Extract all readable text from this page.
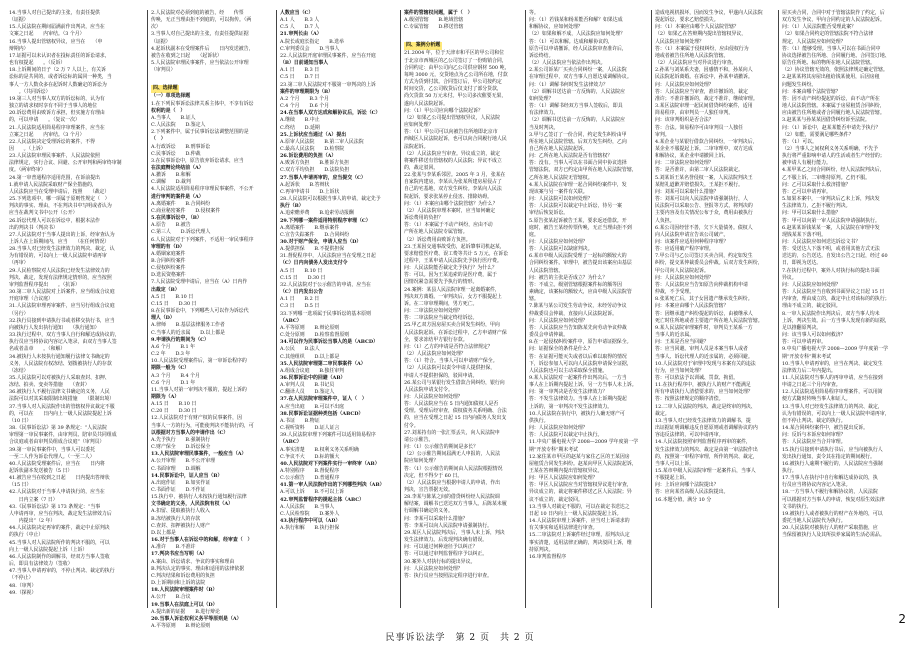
14.当事人对自己提出的主张，有责任提供
（证据）
15.人民法院在期间届满前作出判决，应当在
文案之日起　　内审结。（3 个月）
16.当事人提出管辖权异议，应当在　　（申
辩期内）
17.证据可以未认识者在投标责任的诉讼请求，
也有权提起　　。（反诉）
18.上诉期间的日子（2 万 7 人以上，有关诉
讼标的是共同的，或者诉讼标的属同一种类，当
事人一方人数众多在起诉时人数确定的诉讼为
　　。（共同诉讼）
19.第三人对当事人双方的诉讼标的，认为有
独立的请求权时享有不同于当事人的地位
20.诉讼费用由败诉方承担，但实施方有理由
的，可以申请　　。（复议一次）
21.人民法院适用简易程序审理案件，应当在
立案之日起　　内审结。（3 个月）
22.人民法院决定受理诉讼的案件，不得
因　　。（上诉）
23.人民法院审理民事案件，人民法院依照
法律规定，实行合议、回避、公开审判和两审终审制
度。（两审终审）
24.第一审普通程序适用范围，在诉前提出
1.就申请人民法院采取财产保全措施的，
人民法院应当在受理申请后，按照　　（裁定）
25.下列选项中，哪一项属于原则性规定（　）
判决的事实、理由，不在判决书中写明或者认为
应当在裁判文书中公开（公开）
26.诉讼代理人可以在诉讼中，根据本法作
出的判决书（判决书）
27.人民法院对于当事人提出的上诉，经审查认为
上诉人在上诉期间内，应当　　（在任何情况）
28.当事人对已经发生法律效力的判决、裁定，认
为有错误的，可以向上一级人民法院申请再审
（再审）
29.人民检察院对人民法院已经发生法律效力的
判决、裁定，发现有法律规定情形的，应当按照
审判监督程序提出　　。（抗诉）
30.第二审人民法院对上诉案件，应当组成合议庭
开庭审理（合议庭）
31.人民法院审理再审案件，应当另行组成合议庭
（另行）
32.执行员接到申请执行书或者移交执行书，应当
向被执行人发出执行通知　　（执行通知）
33.执行过程中，双方当事人自行和解达成协议的，
执行员应当将协议内容记入笔录，由双方当事人签
名或者盖章　　。（和解）
34.被执行人未按执行通知履行法律文书确定的
义务，人民法院有权冻结、划拨被执行人的存款
（冻结）
35.人民法院可以对被执行人采取查封、扣押、
冻结、拍卖、变卖等措施　　（查封）
36.被执行人不履行法律文书确定的义务，人民
法院可以对其采取限制出境措施　　（限制出境）
37.当事人对人民法院作出的管辖权异议裁定不服
的，可以在　　日内向上一级人民法院提起上诉
（10 日）
38.《民事诉讼法》第 39 条规定：“人民法院
审理第一审民事案件，由审判员、陪审员共同组成
合议庭或者由审判员组成合议庭”（审判员）
39.第一审民事案件中，当事人可以委托
一至二人作为诉讼代理人。（一至二人）
40.人民法院受理案件后，应当在　　日内将
起诉状副本发送被告（5 日）
41.被告应当在收到之日起　　日内提出答辩状
（15 日）
42.人民法院对于当事人申请执行的，应当在
　　日内立案（7 日）
43.《民事诉讼法》第 173 条规定：“当事
人申请再审，应当在判决、裁定发生法律效力后
　　内提出”（2 年）
44.人民法院决定再审的案件，裁定中止原判决
的执行（中止）
45.当事人对人民法院所作的判决不服的，可以
向上一级人民法院提起上诉（上诉）
46.人民法院制作的调解书，经双方当事人签收
后，即具有法律效力（签收）
47.当事人申请再审的，不停止判决、裁定的执行
（不停止）
48.（审判）
49.（探视）
2.人民法院对必须到庭的被告，经　　传票
传唤，无正当理由拒不到庭的，可以拘传。（两
次）
3.当事人对自己提出的主张，有责任提供证据
（证据）
4.起诉状副本在受理案件后　　日内发送被告，
被告在收到之日起　　（起诉状）
5.人民法院审理民事案件，应当依法公开审理
（审判员）
四、选择题

（一）单项选择题
1.在下列民事诉讼法律关系主体中，不享有诉讼
权利的是（　）
A.当事人　　B.证人
C.人民法院　　D.鉴定人
2.下列案件中，属于民事诉讼法调整范围的是
（　）
A.行政诉讼　　B.刑事诉讼
C.民事诉讼　　D.仲裁
3.在民事诉讼中，原告放弃诉讼请求，应当
在法庭辩论终结前（A）
A.撤诉　　B.和解
C.调解　　D.裁判
4.人民法院适用简易程序审理民事案件，不公开
进行审判的案件是（A）
A.离婚案件　　B.合同纠纷
C.商业秘密案件　　D.侵权案件
5.在民事诉讼中，（B）
A.原告　　B.被告
C.第三人　　D.诉讼代理人
6.人民法院对于下列案件，不适用一审民事程序
审理的有（D）
A.婚姻家庭案件
B.合同纠纷案件
C.侵权纠纷案件
D.选民资格案件
7.人民法院受理申请后，应当在（A）日内作
出裁定（B）
A.5 日　　B.10 日
C.15 日　　D.30 日
8.在民事诉讼中，下列哪些人可以作为诉讼代
理人（D）
A.律师　　B.基层法律服务工作者
C.当事人的近亲属　　D.以上都是
9.申请执行的期间为（C）
A.6 个月　　B.1 年
C.2 年　　D.3 年
10.人民法院受理案件后，第一审诉讼程序的
期限一般为（C）
A.3 个月　　B.4 个月
C.6 个月　　D.1 年
11.当事人对第一审判决不服的，提起上诉的
期限为（A）
A.15 日　　B.10 日
C.20 日　　D.30 日
12.人民法院对于有财产权的民事案件，因
当事人一方的行为，可能使判决不能执行的，可
以根据对方当事人的申请作出（C）
A.先予执行　　B.强制执行
C.财产保全　　D.诉讼保全
13.人民法院审理民事案件，一般应当（A）
A.公开审理　　B.不公开审理
C.书面审理　　D.调解
14.民事诉讼中，证人应当（B）
A.出庭作证　　B.如实作证
C.书面作证　　D.不作证
15.执行中，被执行人未按执行通知履行法律
文书确定的义务，人民法院有权（A）
A.扣留、提取被执行人收入
B.冻结被执行人的存款
C.查封、扣押被执行人财产
D.以上都是
16.对于当事人在诉讼中的和解，经审查（　）
A.准许　　B.不准许
17.判决书应当写明（A）
A.案由、诉讼请求、争议的事实和理由
B.判决认定的事实、理由和适用的法律依据
C.判决结果和诉讼费用的负担
D.上诉期间和上诉的法院
18.人民法院审理案件时（B）
A.公开　　B.合议
19.当事人在法庭上可以（D）
A.提出新的证据　　B.进行辩论
20.当事人诉讼权利义务平等原则是（A）
A.平等原则　　B.辩论原则
人数应当（C）
A.1 人　　B.3 人
C.5 人　　D.7 人
21.审判长由（A）
A.院长或庭长指定　　B.选举
C.审判委员会　　D.当事人
22.人民法院开庭审理民事案件，应当在开庭
（B）日前通知当事人
A.1 日　　B.3 日
C.5 日　　D.7 日
23.第二审人民法院对不服第一审判决的上诉
案件的审理期限为（B）
A.2 个月　　B.3 个月
C.4 个月　　D.6 个月
24.在当事人双方达成和解协议后，诉讼（C）
A.继续　　B.中止
C.终结　　D.延期
25.上诉状应当通过（A）提出
A.原审人民法院　　B.第二审人民法院
C.最高人民法院　　D.检察院
26.诉讼费用的负担（A）
A.败诉方负担　　B.胜诉方负担
C.双方平均负担　　D.法院负担
27.当事人申请再审的，应当提交（C）
A.起诉状　　B.答辩状
C.再审申请书　　D.上诉状
28.人民法院可以根据当事人的申请，裁定先予
执行（B）
A.追索赡养费　　B.追索劳动报酬
29.下列哪一案件适用特别程序审理（C）
A.离婚案件　　B.继承案件
C.宣告失踪案件　　D.合同纠纷
30.对于财产保全，申请人应当（D）
A.提供担保　　B.不提供担保
31.督促程序中，人民法院应当在受理之日起
（C）日内向债务人发出支付令
A.5 日　　B.10 日
C.15 日　　D.30 日
32.人民法院对于公示催告的申请，应当在
（C）日内发出公告
A.1 日　　B.2 日
C.3 日　　D.5 日
33.下列哪一选项属于民事诉讼的基本原则
（ABC）
A.平等原则　　B.辩论原则
C.处分原则　　D.检察监督原则
34.可以作为民事诉讼当事人的是（ABCD）
A.公民　　B.法人
C.其他组织　　D.以上都是
35.人民法院审理第二审民事案件（A）
A.组成合议庭　　B.独任审判
36.民事诉讼中的回避（AB）
A.审判人员　　B.书记员
C.翻译人员　　D.鉴定人
37.在人民法院审理案件中，证人（　）
A.应当出庭　　B.可以不出庭
38.民事诉讼证据种类包括（ABCD）
A.书证　　B.物证
C.视听资料　　D.证人证言
39.人民法院审理下列案件可以适用简易程序
（ABC）
A.事实清楚　　B.权利义务关系明确
C.争议不大　　D.标的额大
40.人民法院对下列案件实行一审终审（AB）
A.特别程序　　B.督促程序
C.公示催告　　D.普通程序
41.第一审人民法院作出的下列哪些判决（AB）
A.可以上诉　　B.不可以上诉
42.审判监督程序的提起主体（ABC）
A.人民法院　　B.当事人
C.人民检察院　　D.案外人
43.执行程序中可以（AB）
A.执行和解　　B.执行担保
案件的管辖权问题，属于（　）
A.级别管辖　　B.地域管辖
C.专属管辖　　D.移送管辖
四、案例分析题

21.2004 年，位于天津市和平区的甲公司和位
于北京市西城区的乙公司签订了一份购销合同，
合同约定：由甲公司向乙公司供应钢材 500 吨，
每吨 3000 元，交货地点为乙公司所在地，付款
方式为货到付款。合同签订后，甲公司按约定
时间交货，乙公司收货后仅支付了部分货款，
尚欠货款 50 万元未付。甲公司多次催要无果，
遂向人民法院起诉。
问：（1）甲公司应向哪个法院起诉？
（2）如果乙公司提出管辖权异议，人民法院
应如何处理？
答：（1）甲公司可以向被告住所地即北京市
西城区人民法院起诉，也可以向合同履行地人民
法院起诉。
（2）人民法院应当审查。异议成立的，裁定
将案件移送有管辖权的人民法院；异议不成立
的，裁定驳回。
22.张某与李某系邻居。2005 年 3 月，张某在
自家院内建房，李某认为张某所建房屋侵占了
自己的宅基地，双方发生纠纷。李某向人民法
院起诉，要求张某停止侵害、排除妨碍。
问：（1）本案应由哪个法院管辖？为什么？
（2）人民法院审理本案时，应当如何确定
诉讼费用的负担？
答：（1）本案属于不动产纠纷，应由不动
产所在地人民法院专属管辖。
（2）诉讼费用由败诉方负担。
23.王某因交通事故受伤，起诉肇事司机赵某，
要求赔偿医疗费、误工费等共计 5 万元。在诉讼
过程中，王某申请人民法院先予执行医疗费。
问：人民法院能否裁定先予执行？为什么？
答：可以。因为王某追索的是医疗费，属于
因情况紧急需要先予执行的情形。
24.案例：某县人民法院审理一起离婚案件，
判决双方离婚。一审判决后，女方不服提起上
诉。在二审审理期间，男方死亡。
问：二审法院应如何处理？
答：二审法院应当裁定终结诉讼。
25.甲乙双方因房屋买卖合同发生纠纷，甲向
人民法院起诉。在诉讼过程中，乙方申请财产保
全，要求冻结甲方银行存款。
问：（1）乙方的申请是否符合法律规定？
（2）人民法院应如何处理？
答：（1）符合。当事人可以申请财产保全。
（2）人民法院可以责令申请人提供担保，
申请人不提供担保的，驳回申请。
26.某公司与某银行发生借款合同纠纷，银行向
人民法院申请支付令。
问：人民法院应如何处理？
答：人民法院应当在 5 日内通知债权人是否
受理。受理后经审查，债权债务关系明确、合法
的，应当在受理之日起 15 日内向债务人发出支
付令。
27.刘某持有的一张汇票丢失，向人民法院申
请公示催告。
问：（1）公示催告的期间是多长？
（2）公示催告期间届满无人申报的，人民法
院应如何处理？
答：（1）公示催告的期间由人民法院根据情况
决定，但不得少于 60 日。
（2）人民法院应当根据申请人的申请，作出
判决，宣告票据无效。
28.李某与陈某之间的借贷纠纷经人民法院调
解结案，调解书已送达双方当事人。后陈某未履
行调解书确定的义务。
问：李某可以采取什么措施？
答：李某可以向人民法院申请强制执行。
29.某区人民法院判决后，当事人未上诉，判决
发生法律效力。后发现判决确有错误。
问：可以通过何种途径予以纠正？
答：可以通过审判监督程序予以纠正。
30.案外人对执行标的提出异议。
问：人民法院应如何处理？
答：执行员应当按照法定程序进行审查。
等。
问：（1）若钱某和杨某能否和解？如果达成
和解协议，应如何处理？
（2）如果和解不成，人民法院应如何处理？
答：（1）可以和解。达成和解协议的，
原告可以申请撤诉，经人民法院审查准许后，
诉讼终结。
（2）人民法院应当依法作出判决。
2.某公司诉某厂买卖合同纠纷一案，人民法院
在审理过程中，双方当事人自愿达成调解协议。
问：（1）调解书何时发生法律效力？
（2）调解书送达前一方反悔的，人民法院应
如何处理？
答：（1）调解书经双方当事人签收后，即具
有法律效力。
（2）调解书送达前一方反悔的，人民法院应
当及时判决。
3.甲与乙签订了一份合同，约定发生纠纷由甲
所在地人民法院管辖。后双方发生纠纷，乙向
自己所在地人民法院起诉。
问：乙所在地人民法院是否有管辖权？
答：没有。当事人可以在书面合同中协议选择
管辖法院，双方已约定由甲所在地人民法院管辖，
乙所在地人民法院无管辖权。
4.某人民法院在审理一起合同纠纷案件中，发
现该案与另一案件有关联。
问：人民法院可以如何处理？
答：人民法院可以裁定中止诉讼，待另一案
审结后恢复诉讼。
5.原告张某起诉被告王某，要求返还借款。开
庭时，被告王某经传票传唤，无正当理由拒不到
庭。
问：人民法院应如何处理？
答：人民法院可以缺席判决。
6.某市中级人民法院受理了一起标的额较大的
合同纠纷案件。审理中，被告提出该案应由基层
人民法院管辖。
问：被告的主张是否成立？为什么？
答：不成立。级别管辖根据案件标的额等因
素确定，该案标的额较大，应由中级人民法院管
辖。
7.陈某与某公司发生劳动争议，未经劳动争议
仲裁委员会仲裁，直接向人民法院起诉。
问：人民法院应如何处理？
答：人民法院应当告知陈某先向劳动争议仲裁
委员会申请仲裁。
8.在一起侵权纠纷案件中，原告申请证据保全。
问：证据保全的条件是什么？
答：在证据可能灭失或者以后难以取得的情况
下，诉讼参加人可以向人民法院申请保全证据，
人民法院也可以主动采取保全措施。
9.某人民法院对一起案件作出判决后，一方当
事人在上诉期内提起上诉，另一方当事人未上诉。
问：第一审判决是否发生法律效力？
答：不发生法律效力。当事人在上诉期内提起
上诉的，第一审判决不发生法律效力。
10.人民法院在执行中，被执行人确无财产可
供执行。
问：人民法院应如何处理？
答：人民法院可以裁定中止执行。
11.中央广播电视大学 2008—2009 学年度第一学
期“开放专科”期末考试
12.家住某市甲区的赵某与家住乙区的王某因房
屋租赁合同发生纠纷。赵某向甲区人民法院起诉，
王某在答辩期内提出管辖权异议。
问：甲区人民法院应如何处理？
答：甲区人民法院应当对管辖权异议进行审查，
异议成立的，裁定将案件移送乙区人民法院；异
议不成立的，裁定驳回。
13.当事人对裁定不服的，可以在裁定书送达之
日起 10 日内向上一级人民法院提起上诉。
14.人民法院审理上诉案件，应当对上诉请求的
有关事实和适用法律进行审查。
15.二审法院对上诉案件经过审理，原判决认定
事实清楚，适用法律正确的，判决驳回上诉，维
持原判决。
16.审判监督程序
造成电视机损坏，因而发生争议，甲遂向人民法院
提起诉讼，要求乙赔偿损失。
问：（1）本案应由哪个人民法院管辖？
（2）如果乙在答辩期内提出管辖权异议，
人民法院应如何处理？
答：（1）本案属于侵权纠纷，应由侵权行为
地或者被告住所地人民法院管辖。
（2）人民法院应当对异议进行审查。
2.孙某与刘某系夫妻，因感情不和，孙某向人
民法院起诉离婚。在诉讼中，孙某申请撤诉。
问：人民法院应如何处理？
答：人民法院应当审查，准许撤诉的，裁定
准许；不准许撤诉的，裁定不准许，继续审理。
3.某区法院审理一起民间借贷纠纷案件，适用
简易程序，由审判员一人独任审判。
问：该审判组织是否合法？
答：合法。简易程序可由审判员一人独任
审判。
4.某企业与某银行借款合同纠纷，一审判决后，
某企业不服提起上诉。二审审理中，双方达成
和解协议，某企业申请撤回上诉。
问：二审法院应如何处理？
答：是否准许，由第二审人民法院裁定。
5.刘某诉王某名誉侵权一案，人民法院判决王
某赔礼道歉并赔偿损失。王某拒不履行。
问：刘某可以采取什么措施？
答：刘某可以向人民法院申请强制执行，人
民法院可以采取公告、登报等方式，将判决的
主要内容及有关情况公布于众，费用由被执行
人负担。
6.某公司因经营不善，欠下大量债务。债权人
向人民法院申请宣告该公司破产。
问：该案件应适用何种程序审理？
答：应适用破产程序审理。
7.甲公司与乙公司签订买卖合同，约定如发生
纠纷，提交某仲裁委员会仲裁。后双方发生纠纷，
甲公司向人民法院起诉。
问：人民法院应如何处理？
答：人民法院应当告知原告向仲裁机构申请
仲裁，不予受理。
8.张某死亡后，其子女因遗产继承发生纠纷。
问：本案应由哪个人民法院管辖？
答：因继承遗产纠纷提起的诉讼，由被继承人
死亡时住所地或者主要遗产所在地人民法院管辖。
9.某人民法院审理案件时，审判员王某系一方
当事人的近亲属。
问：王某是否应当回避？
答：应当回避。审判人员是本案当事人或者
当事人、诉讼代理人的近亲属的，必须回避。
10.人民法院对于审理中发现与本案有关的违法
行为，应当如何处理？
答：可以依法予以训诫、罚款、拘留。
11.在执行程序中，被执行人的财产不能满足
所有申请执行人清偿要求的，应当如何处理？
答：按照法律规定的顺序清偿。
12.二审人民法院的判决、裁定是终审的判决、
裁定。
13.当事人对已经发生法律效力的调解书，提
出证据证明调解违反自愿原则或者调解协议的内
容违反法律的，可以申请再审。
14.人民法院按照审判监督程序再审的案件，
发生法律效力的判决、裁定是由第一审法院作出
的，按照第一审程序审理，所作的判决、裁定，
当事人可以上诉。
15.某市中级人民法院审理一起案件后，当事人
不服提起上诉。
问：上诉应向哪个法院提出？
答：应向某省高级人民法院提出。
16.本题分值，满分 10 分
屋买卖合同，合同中对于管辖法院作了约定，后
双方发生争议，甲向合同约定的人民法院起诉。
问：（1）人民法院能否受理此案？
（2）如果合同约定的管辖法院不符合法律
规定，人民法院应如何处理？
答：（1）能够受理。当事人可以在书面合同中
协议选择被告住所地、合同履行地、合同签订地、
原告住所地、标的物所在地人民法院管辖。
（2）协议管辖无效的，依照法律规定确定管辖。
2.赵某某将其房屋出租给钱某使用，后因房租
问题发生纠纷。
问：本案由哪个法院管辖？
答：因不动产纠纷提起的诉讼，由不动产所在
地人民法院管辖。本案属于房屋租赁合同纠纷，
应由被告住所地或者合同履行地人民法院管辖。
3.赵某某与孙某某因借贷纠纷诉至法院。
问：（1）诉讼中，赵某某能否申请先予执行？
（2）如能，需要满足哪些条件？
答：（1）可以。
（2）当事人之间权利义务关系明确，不先予
执行将严重影响申请人的生活或者生产经营的；
被申请人有履行能力。
4.某甲某乙之间合同纠纷，经人民法院判决后，
乙不服上诉，二审维持原判。乙仍不服。
问：乙可以采取什么救济措施？
答：乙可以申请再审。
5.如果本案中，一审判决后乙未上诉，判决发
生法律效力，乙拒不履行判决。
问：甲可以采取什么措施？
答：甲可以向第一审人民法院申请强制执行。
6.赵某某诉钱某某一案，人民法院在审理中发
现钱某某下落不明。
问：人民法院应如何送达诉讼文书？
答：受送达人下落不明，或者用其他方式无法
送达的，公告送达。自发出公告之日起，经过 60
日，即视为送达。
7.在执行过程中，案外人对执行标的提出书面
异议。
问：人民法院应如何处理？
答：人民法院应当自收到书面异议之日起 15 日
内审查，理由成立的，裁定中止对该标的的执行；
理由不成立的，裁定驳回。
8.一审人民法院作出判决后，双方当事人均未
上诉，判决生效。后一方当事人发现有新的证据，
足以推翻原判决。
问：该当事人可以如何救济？
答：可以申请再审。
9.中央广播电视大学 2008—2009 学年度第一学
期“开放专科”期末考试
10.当事人申请再审的，应当在判决、裁定发生
法律效力后二年内提出。
11.人民法院对当事人的再审申请，应当在接到
申请之日起三个月内审查。
12.人民法院适用简易程序审理案件，可以用简
便方式随时传唤当事人和证人。
13.当事人对已经发生法律效力的判决、裁定，
认为有错误的，可以向上一级人民法院申请再审，
但不停止判决、裁定的执行。
14.某合同纠纷案件中，被告提出反诉。
问：反诉与本诉应如何审理？
答：人民法院应当合并审理。
15.执行员接到申请执行书后，应当向被执行人
发出执行通知，责令其在指定的期间履行。
16.被执行人逾期不履行的，人民法院应当强制
执行。
17.当事人在执行中自行和解达成协议的，执
行员应当将协议内容记入笔录。
18.一方当事人不履行和解协议的，人民法院
可以根据对方当事人的申请，恢复对原生效法律
文书的执行。
19.被执行人或者被执行的财产在外地的，可以
委托当地人民法院代为执行。
20.人民法院对被执行人的财产采取措施，应
当保留被执行人及其所扶养家属的生活必需品。
2
民事诉讼法学　第 2 页　共 2 页
